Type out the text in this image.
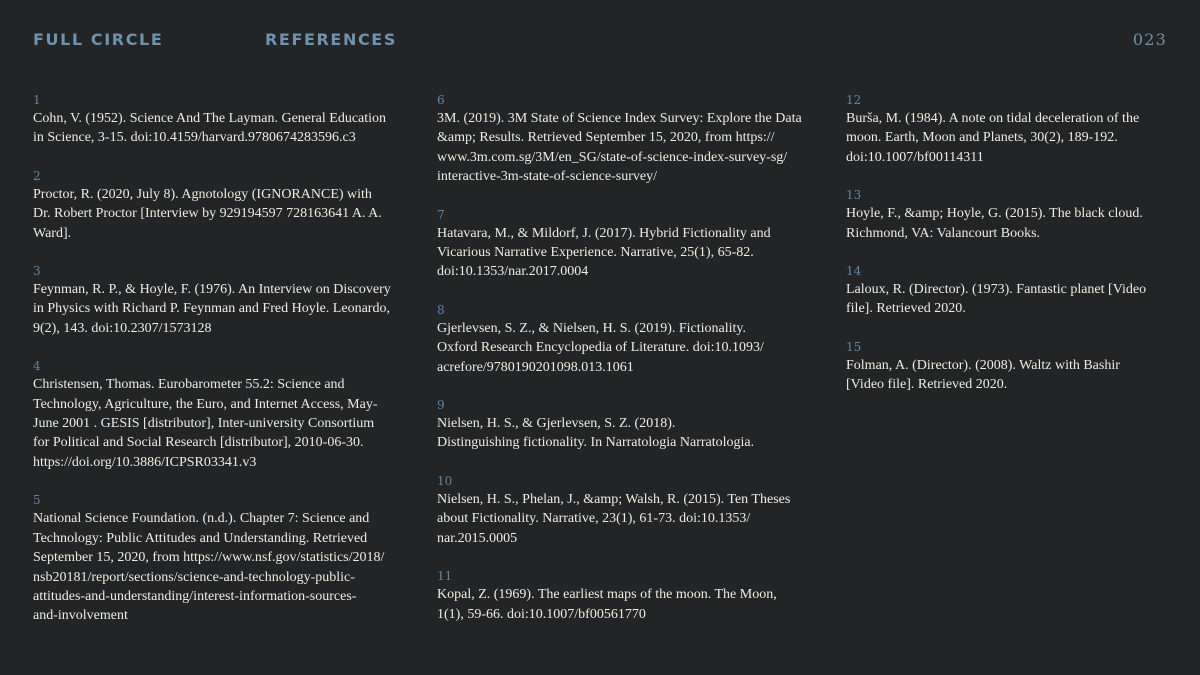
FULL CIRCLE	REFERENCES	023
1
Cohn, V. (1952). Science And The Layman. General Education
in Science, 3-15. doi:10.4159/harvard.9780674283596.c3
2
Proctor, R. (2020, July 8). Agnotology (IGNORANCE) with
Dr. Robert Proctor [Interview by 929194597 728163641 A. A.
Ward].
3
Feynman, R. P., & Hoyle, F. (1976). An Interview on Discovery
in Physics with Richard P. Feynman and Fred Hoyle. Leonardo,
9(2), 143. doi:10.2307/1573128
4
Christensen, Thomas. Eurobarometer 55.2: Science and
Technology, Agriculture, the Euro, and Internet Access, May-
June 2001 . GESIS [distributor], Inter-university Consortium
for Political and Social Research [distributor], 2010-06-30.
https://doi.org/10.3886/ICPSR03341.v3
5
National Science Foundation. (n.d.). Chapter 7: Science and
Technology: Public Attitudes and Understanding. Retrieved
September 15, 2020, from https://www.nsf.gov/statistics/2018/
nsb20181/report/sections/science-and-technology-public-
attitudes-and-understanding/interest-information-sources-
and-involvement
6
3M. (2019). 3M State of Science Index Survey: Explore the Data
&amp; Results. Retrieved September 15, 2020, from https://
www.3m.com.sg/3M/en_SG/state-of-science-index-survey-sg/
interactive-3m-state-of-science-survey/
7
Hatavara, M., & Mildorf, J. (2017). Hybrid Fictionality and
Vicarious Narrative Experience. Narrative, 25(1), 65-82.
doi:10.1353/nar.2017.0004
8
Gjerlevsen, S. Z., & Nielsen, H. S. (2019). Fictionality.
Oxford Research Encyclopedia of Literature. doi:10.1093/
acrefore/9780190201098.013.1061
9
Nielsen, H. S., & Gjerlevsen, S. Z. (2018).
Distinguishing fictionality. In Narratologia Narratologia.
10
Nielsen, H. S., Phelan, J., &amp; Walsh, R. (2015). Ten Theses
about Fictionality. Narrative, 23(1), 61-73. doi:10.1353/
nar.2015.0005
11
Kopal, Z. (1969). The earliest maps of the moon. The Moon,
1(1), 59-66. doi:10.1007/bf00561770
12
Burša, M. (1984). A note on tidal deceleration of the
moon. Earth, Moon and Planets, 30(2), 189-192.
doi:10.1007/bf00114311
13
Hoyle, F., &amp; Hoyle, G. (2015). The black cloud.
Richmond, VA: Valancourt Books.
14
Laloux, R. (Director). (1973). Fantastic planet [Video
file]. Retrieved 2020.
15
Folman, A. (Director). (2008). Waltz with Bashir
[Video file]. Retrieved 2020.
